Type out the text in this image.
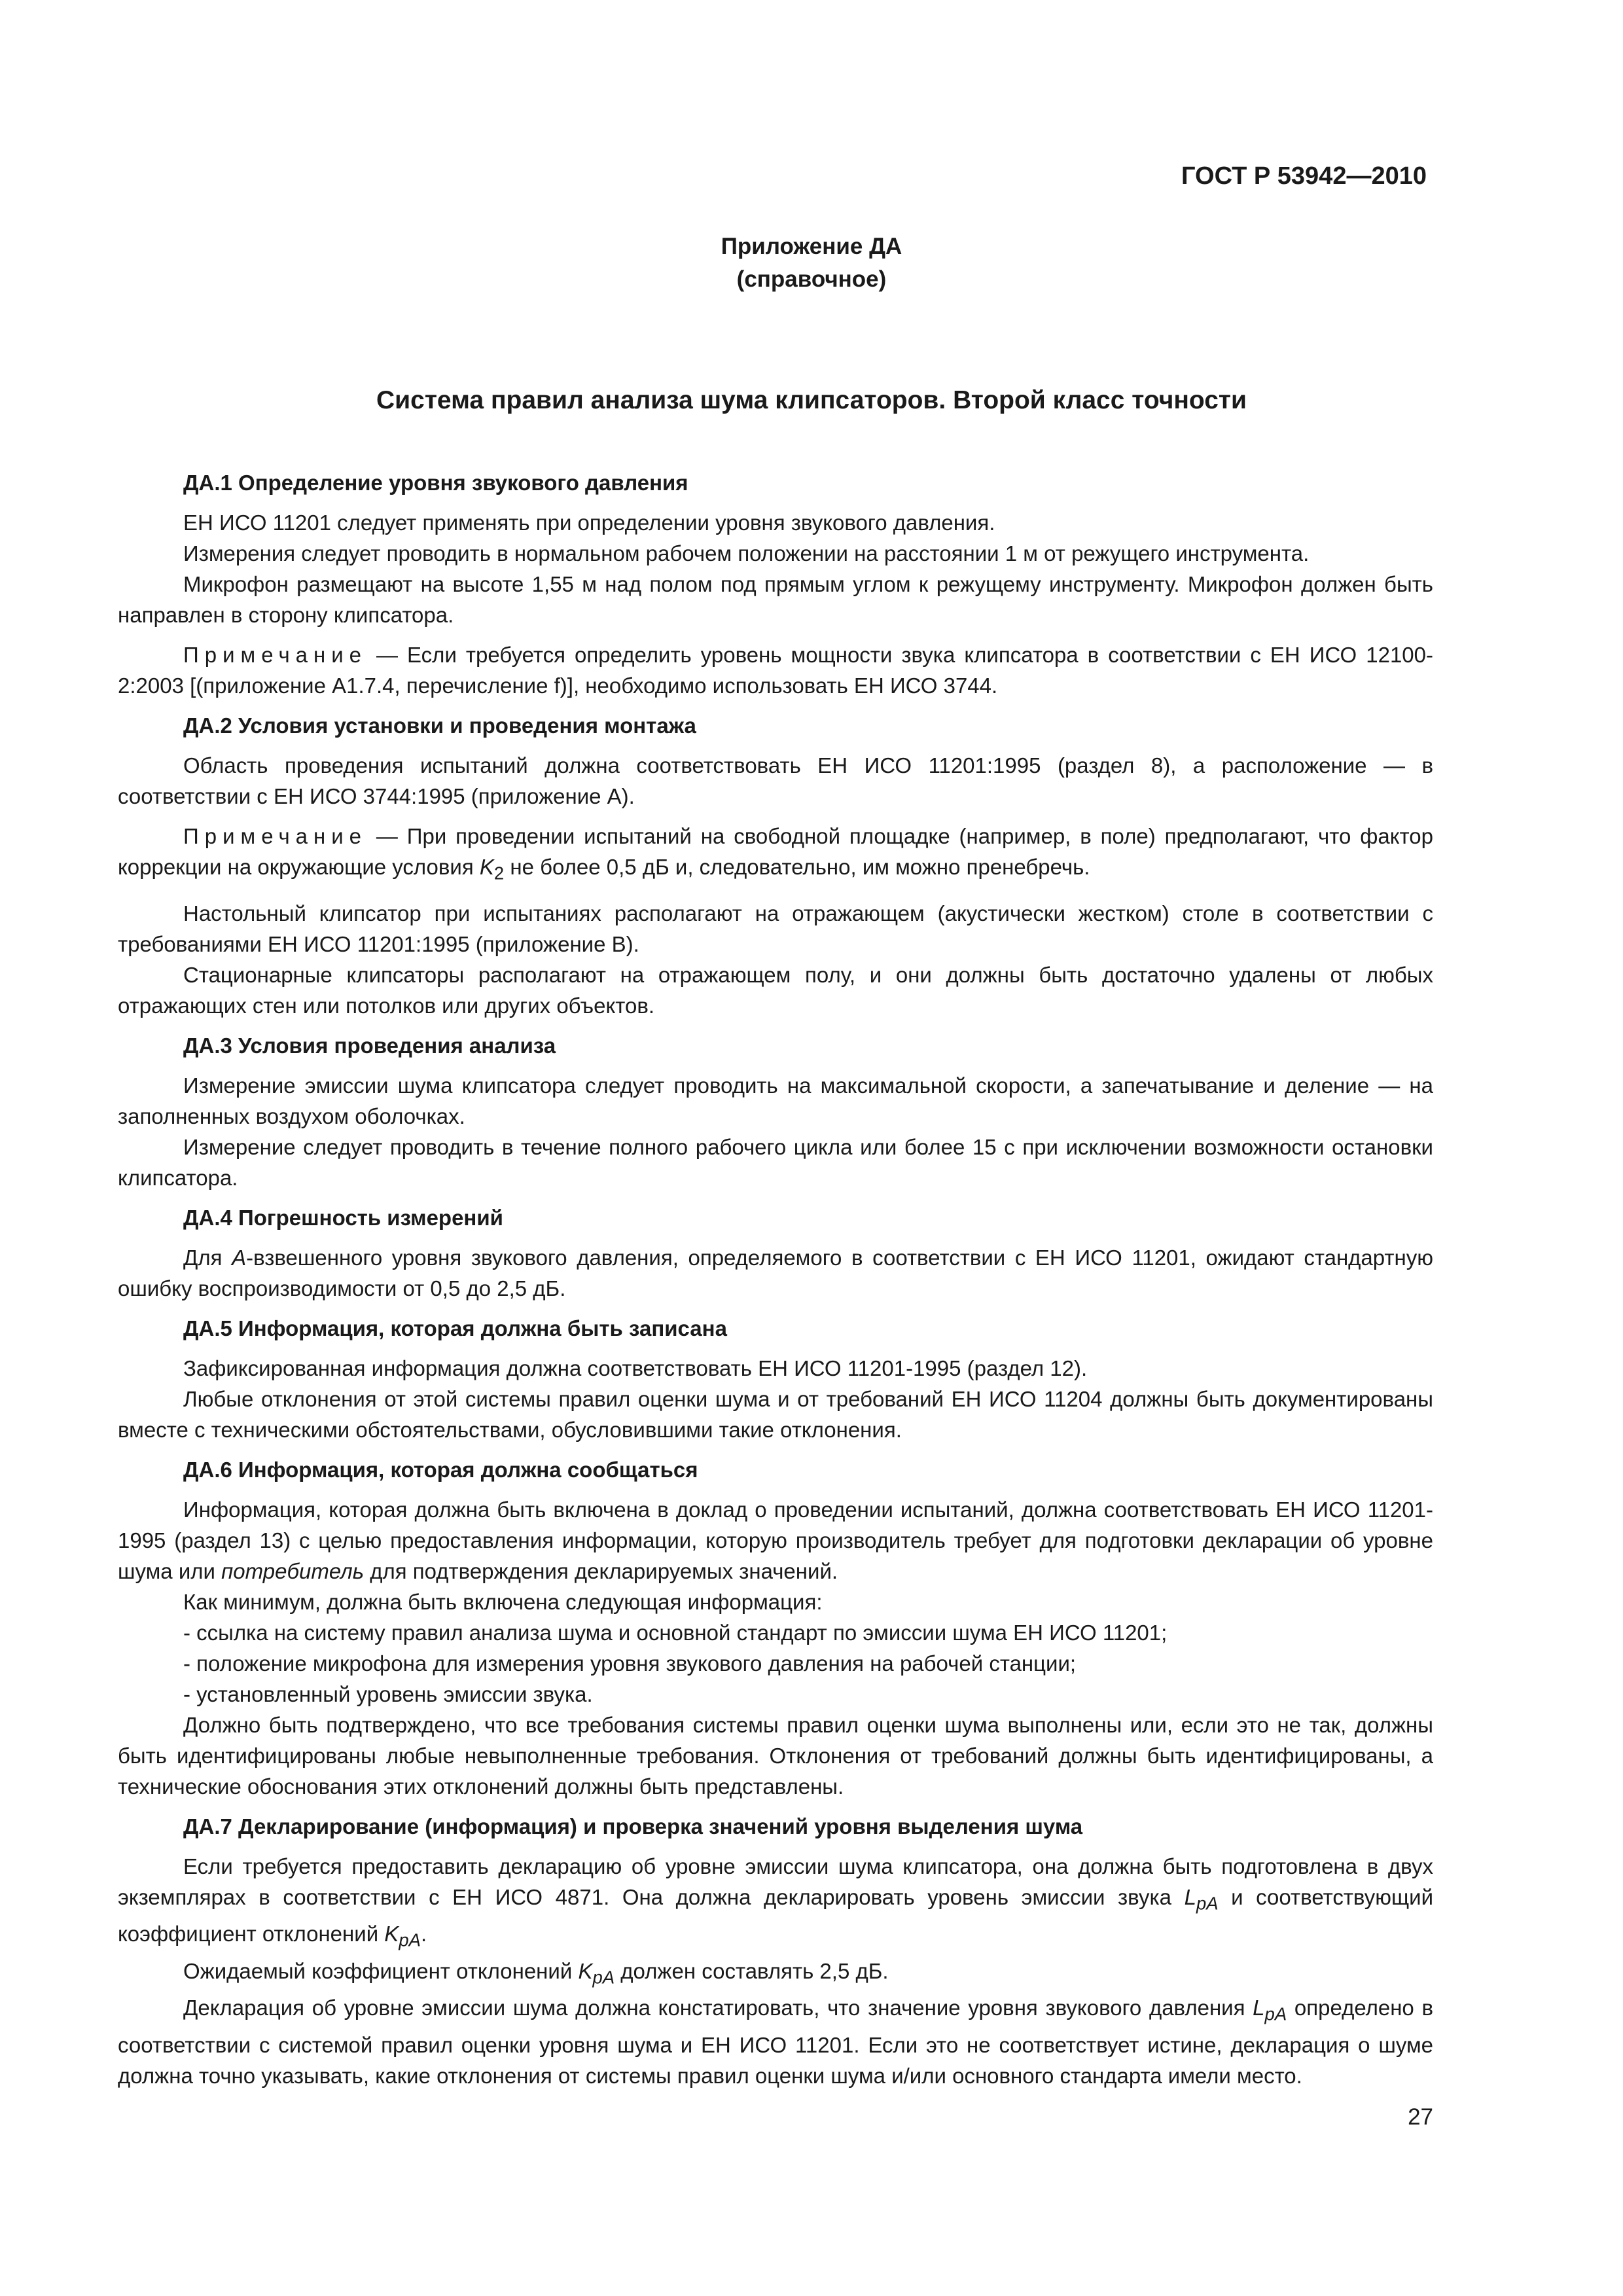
ГОСТ Р 53942—2010
Приложение ДА
(справочное)
Система правил анализа шума клипсаторов. Второй класс точности
ДА.1 Определение уровня звукового давления

ЕН ИСО 11201 следует применять при определении уровня звукового давления.

Измерения следует проводить в нормальном рабочем положении на расстоянии 1 м от режущего инструмента.

Микрофон размещают на высоте 1,55 м над полом под прямым углом к режущему инструменту. Микрофон должен быть направлен в сторону клипсатора.

Примечание — Если требуется определить уровень мощности звука клипсатора в соответствии с ЕН ИСО 12100-2:2003 [(приложение А1.7.4, перечисление f)], необходимо использовать ЕН ИСО 3744.

ДА.2 Условия установки и проведения монтажа

Область проведения испытаний должна соответствовать ЕН ИСО 11201:1995 (раздел 8), а расположение — в соответствии с ЕН ИСО 3744:1995 (приложение А).

Примечание — При проведении испытаний на свободной площадке (например, в поле) предполагают, что фактор коррекции на окружающие условия $K_2$ не более 0,5 дБ и, следовательно, им можно пренебречь.

Настольный клипсатор при испытаниях располагают на отражающем (акустически жестком) столе в соответствии с требованиями ЕН ИСО 11201:1995 (приложение В).

Стационарные клипсаторы располагают на отражающем полу, и они должны быть достаточно удалены от любых отражающих стен или потолков или других объектов.

ДА.3 Условия проведения анализа

Измерение эмиссии шума клипсатора следует проводить на максимальной скорости, а запечатывание и деление — на заполненных воздухом оболочках.

Измерение следует проводить в течение полного рабочего цикла или более 15 с при исключении возможности остановки клипсатора.

ДА.4 Погрешность измерений

Для А-взвешенного уровня звукового давления, определяемого в соответствии с ЕН ИСО 11201, ожидают стандартную ошибку воспроизводимости от 0,5 до 2,5 дБ.

ДА.5 Информация, которая должна быть записана

Зафиксированная информация должна соответствовать ЕН ИСО 11201-1995 (раздел 12).

Любые отклонения от этой системы правил оценки шума и от требований ЕН ИСО 11204 должны быть документированы вместе с техническими обстоятельствами, обусловившими такие отклонения.

ДА.6 Информация, которая должна сообщаться

Информация, которая должна быть включена в доклад о проведении испытаний, должна соответствовать ЕН ИСО 11201-1995 (раздел 13) с целью предоставления информации, которую производитель требует для подготовки декларации об уровне шума или потребитель для подтверждения декларируемых значений.

Как минимум, должна быть включена следующая информация:

- ссылка на систему правил анализа шума и основной стандарт по эмиссии шума ЕН ИСО 11201;

- положение микрофона для измерения уровня звукового давления на рабочей станции;

- установленный уровень эмиссии звука.

Должно быть подтверждено, что все требования системы правил оценки шума выполнены или, если это не так, должны быть идентифицированы любые невыполненные требования. Отклонения от требований должны быть идентифицированы, а технические обоснования этих отклонений должны быть представлены.

ДА.7 Декларирование (информация) и проверка значений уровня выделения шума

Если требуется предоставить декларацию об уровне эмиссии шума клипсатора, она должна быть подготовлена в двух экземплярах в соответствии с ЕН ИСО 4871. Она должна декларировать уровень эмиссии звука $L_{pA}$ и соответствующий коэффициент отклонений $K_{pA}$.

Ожидаемый коэффициент отклонений $K_{pA}$ должен составлять 2,5 дБ.

Декларация об уровне эмиссии шума должна констатировать, что значение уровня звукового давления $L_{pA}$ определено в соответствии с системой правил оценки уровня шума и ЕН ИСО 11201. Если это не соответствует истине, декларация о шуме должна точно указывать, какие отклонения от системы правил оценки шума и/или основного стандарта имели место.

27
